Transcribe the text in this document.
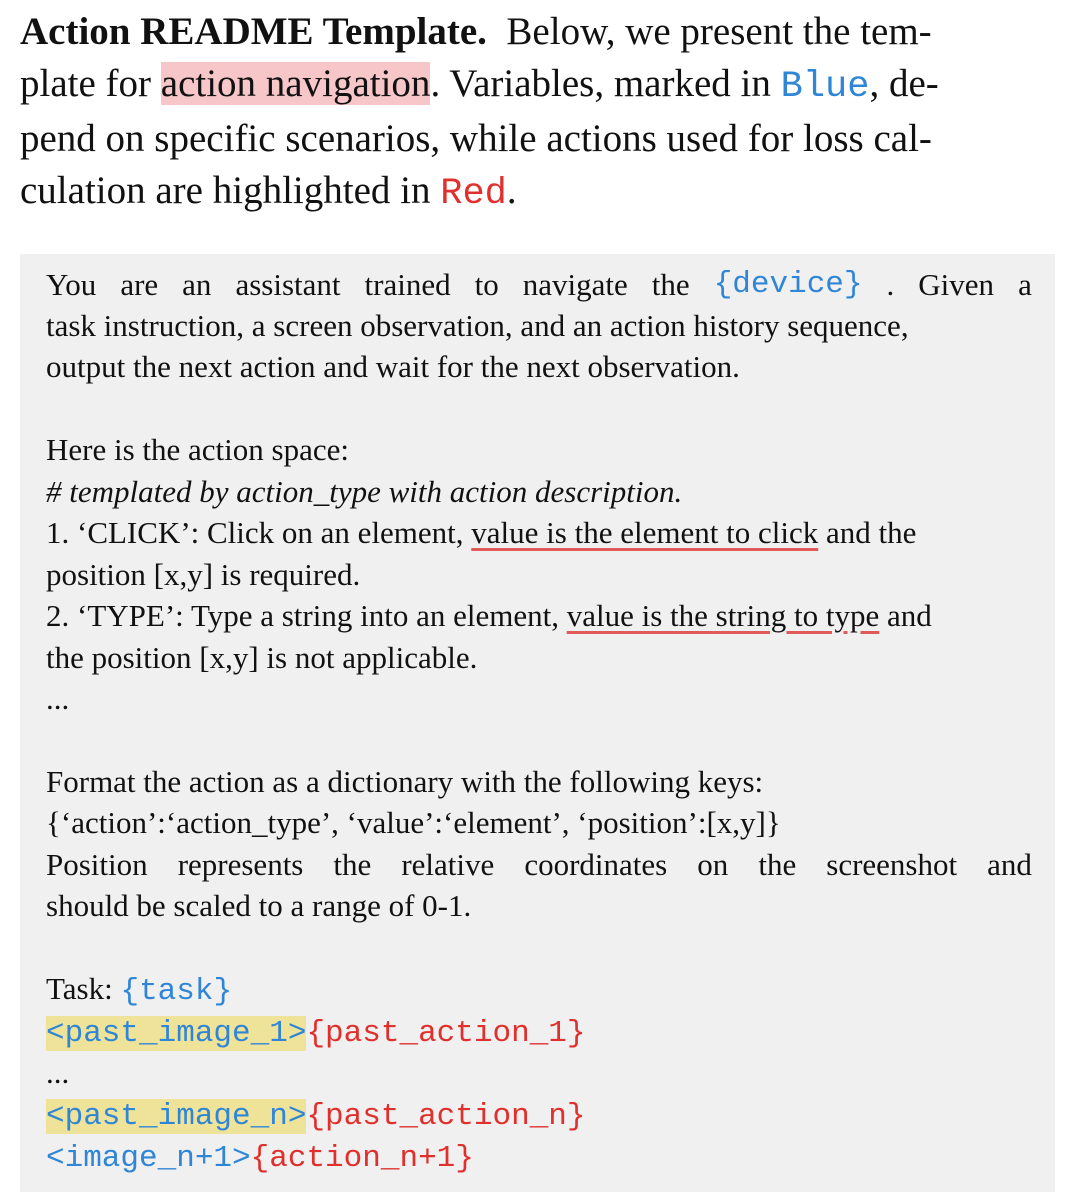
Action README Template. Below, we present the tem-
plate for action navigation. Variables, marked in Blue, de-
pend on specific scenarios, while actions used for loss cal-
culation are highlighted in Red.
You are an assistant trained to navigate the {device} . Given a
task instruction, a screen observation, and an action history sequence,
output the next action and wait for the next observation.
Here is the action space:
# templated by action_type with action description.
1. ‘CLICK’: Click on an element, value is the element to click and the
position [x,y] is required.
2. ‘TYPE’: Type a string into an element, value is the string to type and
the position [x,y] is not applicable.
...
Format the action as a dictionary with the following keys:
{‘action’:‘action_type’, ‘value’:‘element’, ‘position’:[x,y]}
Position represents the relative coordinates on the screenshot and
should be scaled to a range of 0-1.
Task: {task}
<past_image_1>{past_action_1}
...
<past_image_n>{past_action_n}
<image_n+1>{action_n+1}
